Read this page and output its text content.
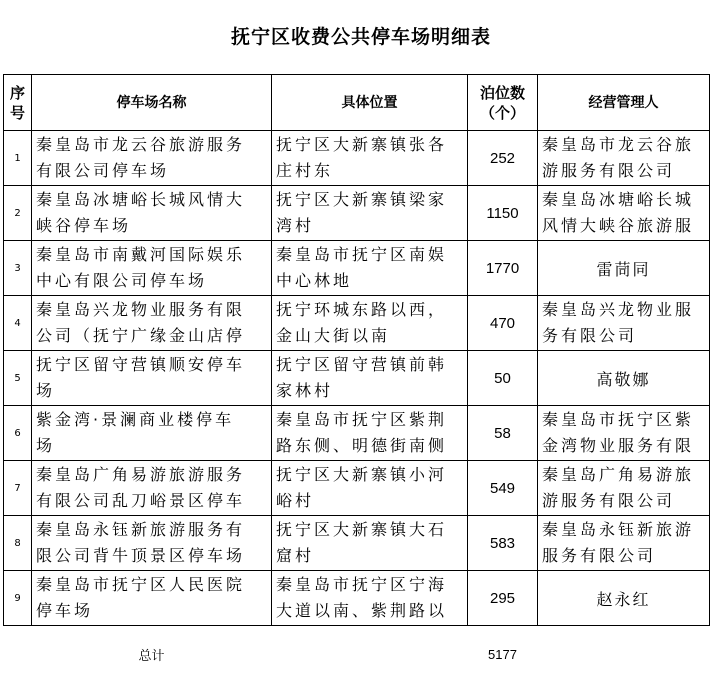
抚宁区收费公共停车场明细表
序
号	停车场名称	具体位置	泊位数
（个）	经营管理人
1	秦皇岛市龙云谷旅游服务
有限公司停车场	抚宁区大新寨镇张各
庄村东	252	秦皇岛市龙云谷旅
游服务有限公司
2	秦皇岛冰塘峪长城风情大
峡谷停车场	抚宁区大新寨镇梁家
湾村	1150	秦皇岛冰塘峪长城
风情大峡谷旅游服
3	秦皇岛市南戴河国际娱乐
中心有限公司停车场	秦皇岛市抚宁区南娱
中心林地	1770	雷茼同
4	秦皇岛兴龙物业服务有限
公司（抚宁广缘金山店停	抚宁环城东路以西，
金山大街以南	470	秦皇岛兴龙物业服
务有限公司
5	抚宁区留守营镇顺安停车
场	抚宁区留守营镇前韩
家林村	50	高敬娜
6	紫金湾·景澜商业楼停车
场	秦皇岛市抚宁区紫荆
路东侧、明德街南侧	58	秦皇岛市抚宁区紫
金湾物业服务有限
7	秦皇岛广角易游旅游服务
有限公司乱刀峪景区停车	抚宁区大新寨镇小河
峪村	549	秦皇岛广角易游旅
游服务有限公司
8	秦皇岛永钰新旅游服务有
限公司背牛顶景区停车场	抚宁区大新寨镇大石
窟村	583	秦皇岛永钰新旅游
服务有限公司
9	秦皇岛市抚宁区人民医院
停车场	秦皇岛市抚宁区宁海
大道以南、紫荆路以	295	赵永红
	总计		5177	
